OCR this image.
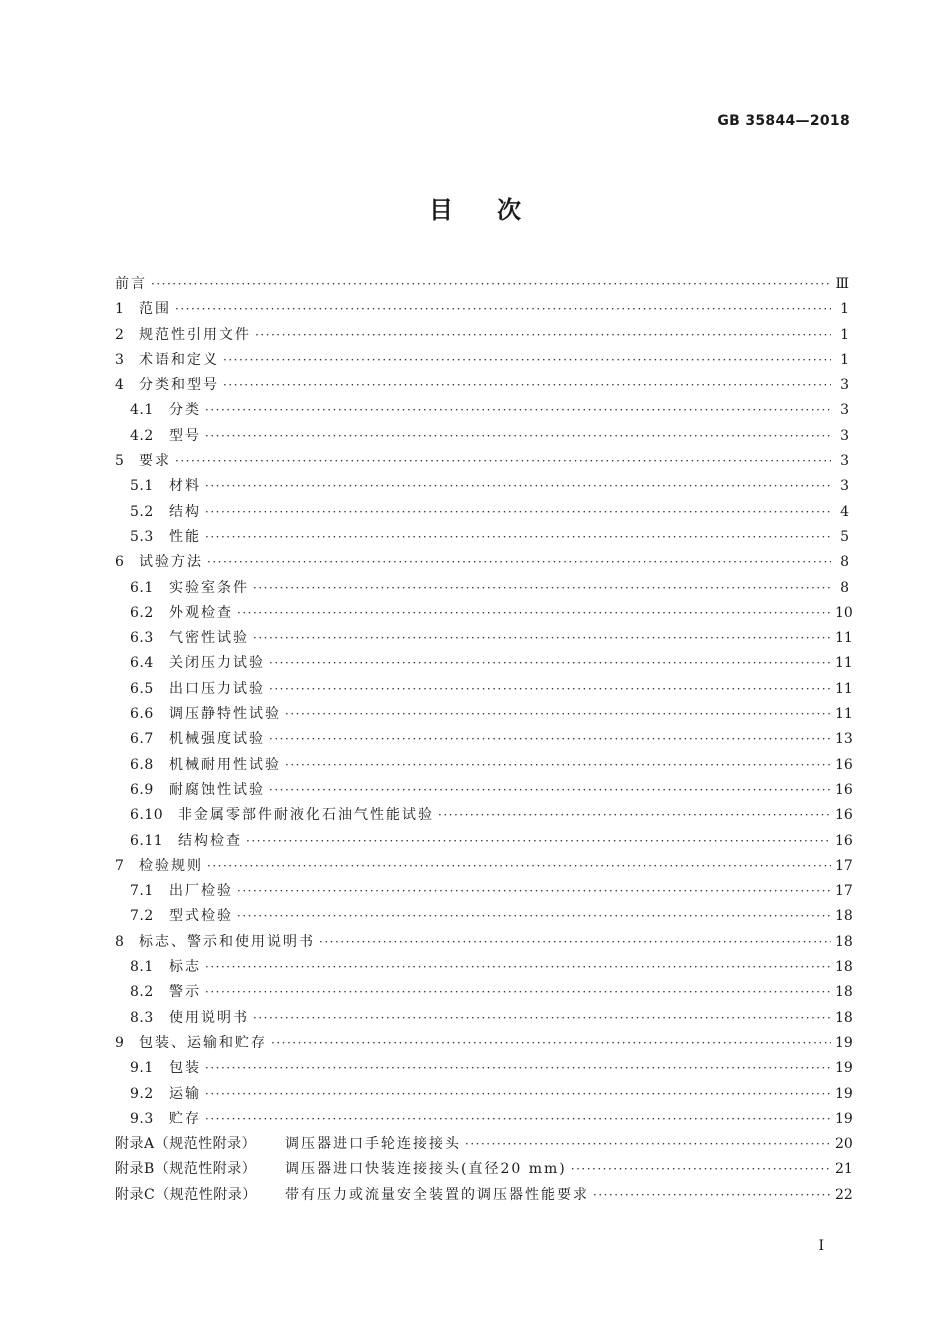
GB 35844—2018
目 次
前言 ·····	Ⅲ
1	范围 ·····	1
2	规范性引用文件 ·····	1
3	术语和定义 ·····	1
4	分类和型号 ·····	3
4.1	分类 ·····	3
4.2	型号 ·····	3
5	要求 ·····	3
5.1	材料 ·····	3
5.2	结构 ·····	4
5.3	性能 ·····	5
6	试验方法 ·····	8
6.1	实验室条件 ·····	8
6.2	外观检查 ·····	10
6.3	气密性试验 ·····	11
6.4	关闭压力试验 ·····	11
6.5	出口压力试验 ·····	11
6.6	调压静特性试验 ·····	11
6.7	机械强度试验 ·····	13
6.8	机械耐用性试验 ·····	16
6.9	耐腐蚀性试验 ·····	16
6.10	非金属零部件耐液化石油气性能试验 ·····	16
6.11	结构检查 ·····	16
7	检验规则 ·····	17
7.1	出厂检验 ·····	17
7.2	型式检验 ·····	18
8	标志、警示和使用说明书 ·····	18
8.1	标志 ·····	18
8.2	警示 ·····	18
8.3	使用说明书 ·····	18
9	包装、运输和贮存 ·····	19
9.1	包装 ·····	19
9.2	运输 ·····	19
9.3	贮存 ·····	19
附录A（规范性附录）	调压器进口手轮连接接头 ·····	20
附录B（规范性附录）	调压器进口快装连接接头(直径20 mm) ·····	21
附录C（规范性附录）	带有压力或流量安全装置的调压器性能要求 ·····	22
I
